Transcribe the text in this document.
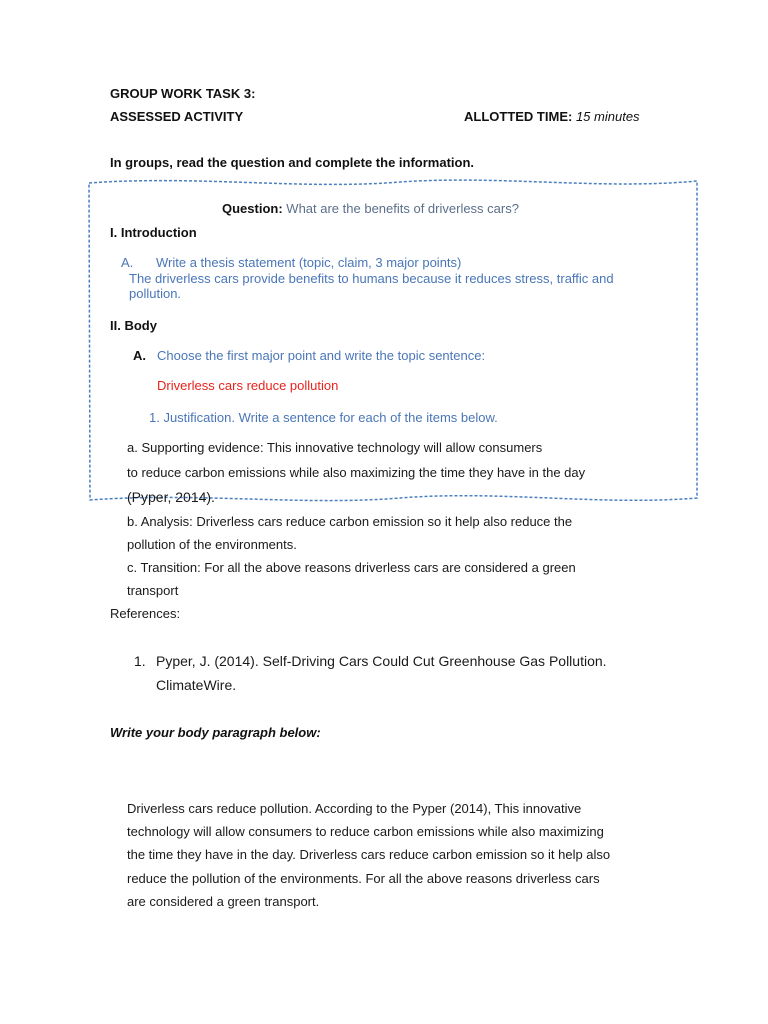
GROUP WORK TASK 3:
ASSESSED ACTIVITY	ALLOTTED TIME: 15 minutes
In groups, read the question and complete the information.
Question: What are the benefits of driverless cars?
I. Introduction
A. Write a thesis statement (topic, claim, 3 major points)
The driverless cars provide benefits to humans because it reduces stress, traffic and
pollution.
II. Body
A. Choose the first major point and write the topic sentence:
Driverless cars reduce pollution
1. Justification. Write a sentence for each of the items below.
a. Supporting evidence: This innovative technology will allow consumers
to reduce carbon emissions while also maximizing the time they have in the day
(Pyper, 2014).
b. Analysis: Driverless cars reduce carbon emission so it help also reduce the
pollution of the environments.
c. Transition: For all the above reasons driverless cars are considered a green
transport
References:
1. Pyper, J. (2014). Self-Driving Cars Could Cut Greenhouse Gas Pollution.
ClimateWire.
Write your body paragraph below:
Driverless cars reduce pollution. According to the Pyper (2014), This innovative
technology will allow consumers to reduce carbon emissions while also maximizing
the time they have in the day. Driverless cars reduce carbon emission so it help also
reduce the pollution of the environments. For all the above reasons driverless cars
are considered a green transport.
